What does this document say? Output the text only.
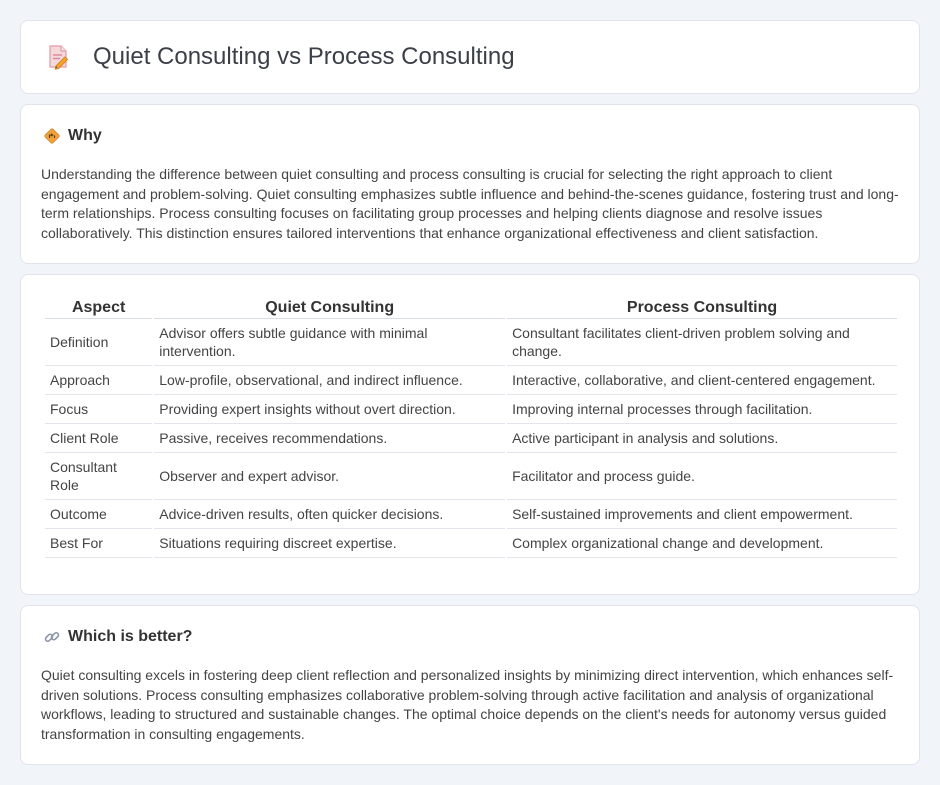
Quiet Consulting vs Process Consulting
Why

Understanding the difference between quiet consulting and process consulting is crucial for selecting the right approach to client engagement and problem-solving. Quiet consulting emphasizes subtle influence and behind-the-scenes guidance, fostering trust and long-term relationships. Process consulting focuses on facilitating group processes and helping clients diagnose and resolve issues collaboratively. This distinction ensures tailored interventions that enhance organizational effectiveness and client satisfaction.

Aspect	Quiet Consulting	Process Consulting
Definition	Advisor offers subtle guidance with minimal intervention.	Consultant facilitates client-driven problem solving and change.
Approach	Low-profile, observational, and indirect influence.	Interactive, collaborative, and client-centered engagement.
Focus	Providing expert insights without overt direction.	Improving internal processes through facilitation.
Client Role	Passive, receives recommendations.	Active participant in analysis and solutions.
Consultant Role	Observer and expert advisor.	Facilitator and process guide.
Outcome	Advice-driven results, often quicker decisions.	Self-sustained improvements and client empowerment.
Best For	Situations requiring discreet expertise.	Complex organizational change and development.
Which is better?

Quiet consulting excels in fostering deep client reflection and personalized insights by minimizing direct intervention, which enhances self-driven solutions. Process consulting emphasizes collaborative problem-solving through active facilitation and analysis of organizational workflows, leading to structured and sustainable changes. The optimal choice depends on the client's needs for autonomy versus guided transformation in consulting engagements.
